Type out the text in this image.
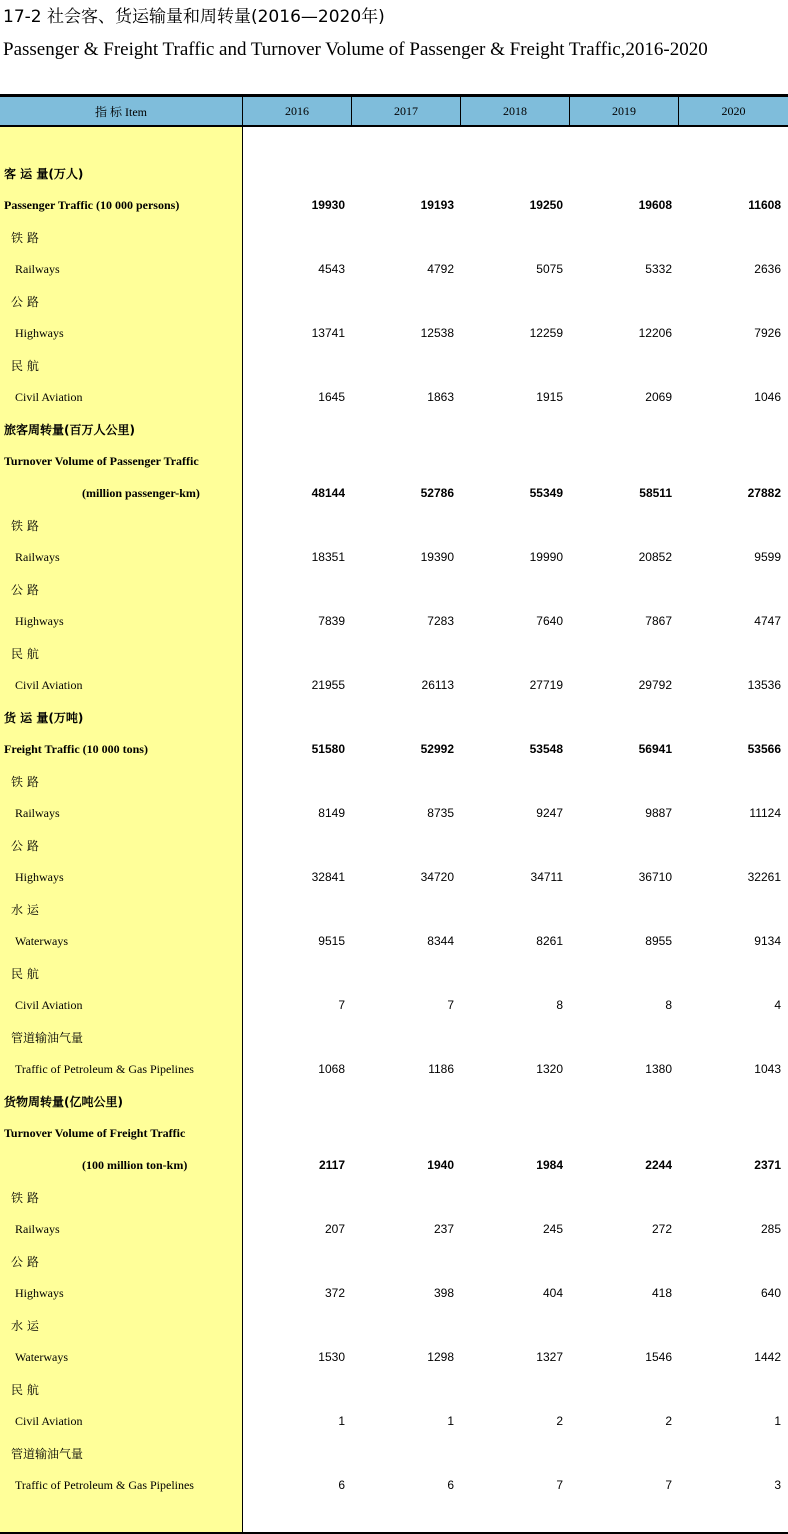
17-2 社会客、货运输量和周转量(2016—2020年)
Passenger & Freight Traffic and Turnover Volume of Passenger & Freight Traffic,2016-2020
指 标 Item	2016	2017	2018	2019	2020
客 运 量(万人)
Passenger Traffic (10 000 persons)	19930	19193	19250	19608	11608
铁 路
Railways	4543	4792	5075	5332	2636
公 路
Highways	13741	12538	12259	12206	7926
民 航
Civil Aviation	1645	1863	1915	2069	1046
旅客周转量(百万人公里)
Turnover Volume of Passenger Traffic
(million passenger-km)	48144	52786	55349	58511	27882
铁 路
Railways	18351	19390	19990	20852	9599
公 路
Highways	7839	7283	7640	7867	4747
民 航
Civil Aviation	21955	26113	27719	29792	13536
货 运 量(万吨)
Freight Traffic (10 000 tons)	51580	52992	53548	56941	53566
铁 路
Railways	8149	8735	9247	9887	11124
公 路
Highways	32841	34720	34711	36710	32261
水 运
Waterways	9515	8344	8261	8955	9134
民 航
Civil Aviation	7	7	8	8	4
管道输油气量
Traffic of Petroleum & Gas Pipelines	1068	1186	1320	1380	1043
货物周转量(亿吨公里)
Turnover Volume of Freight Traffic
(100 million ton-km)	2117	1940	1984	2244	2371
铁 路
Railways	207	237	245	272	285
公 路
Highways	372	398	404	418	640
水 运
Waterways	1530	1298	1327	1546	1442
民 航
Civil Aviation	1	1	2	2	1
管道输油气量
Traffic of Petroleum & Gas Pipelines	6	6	7	7	3
